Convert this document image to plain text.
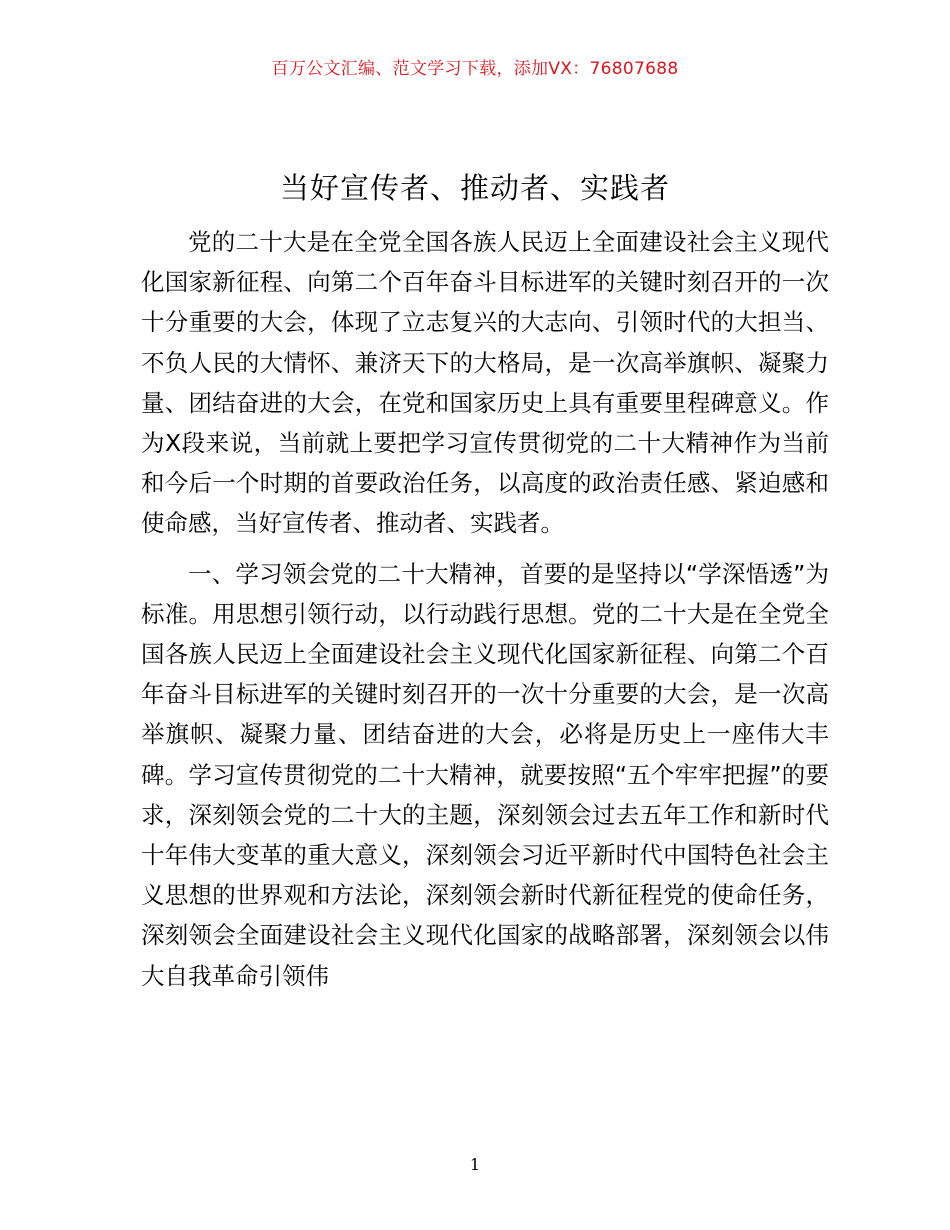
百万公文汇编、范文学习下载，添加VX：76807688
当好宣传者、推动者、实践者

党的二十大是在全党全国各族人民迈上全面建设社会主义现代化国家新征程、向第二个百年奋斗目标进军的关键时刻召开的一次十分重要的大会，体现了立志复兴的大志向、引领时代的大担当、不负人民的大情怀、兼济天下的大格局，是一次高举旗帜、凝聚力量、团结奋进的大会，在党和国家历史上具有重要里程碑意义。作为X段来说，当前就上要把学习宣传贯彻党的二十大精神作为当前和今后一个时期的首要政治任务，以高度的政治责任感、紧迫感和使命感，当好宣传者、推动者、实践者。

一、学习领会党的二十大精神，首要的是坚持以“学深悟透”为标准。用思想引领行动，以行动践行思想。党的二十大是在全党全国各族人民迈上全面建设社会主义现代化国家新征程、向第二个百年奋斗目标进军的关键时刻召开的一次十分重要的大会，是一次高举旗帜、凝聚力量、团结奋进的大会，必将是历史上一座伟大丰碑。学习宣传贯彻党的二十大精神，就要按照“五个牢牢把握”的要求，深刻领会党的二十大的主题，深刻领会过去五年工作和新时代十年伟大变革的重大意义，深刻领会习近平新时代中国特色社会主义思想的世界观和方法论，深刻领会新时代新征程党的使命任务，深刻领会全面建设社会主义现代化国家的战略部署，深刻领会以伟大自我革命引领伟

1
